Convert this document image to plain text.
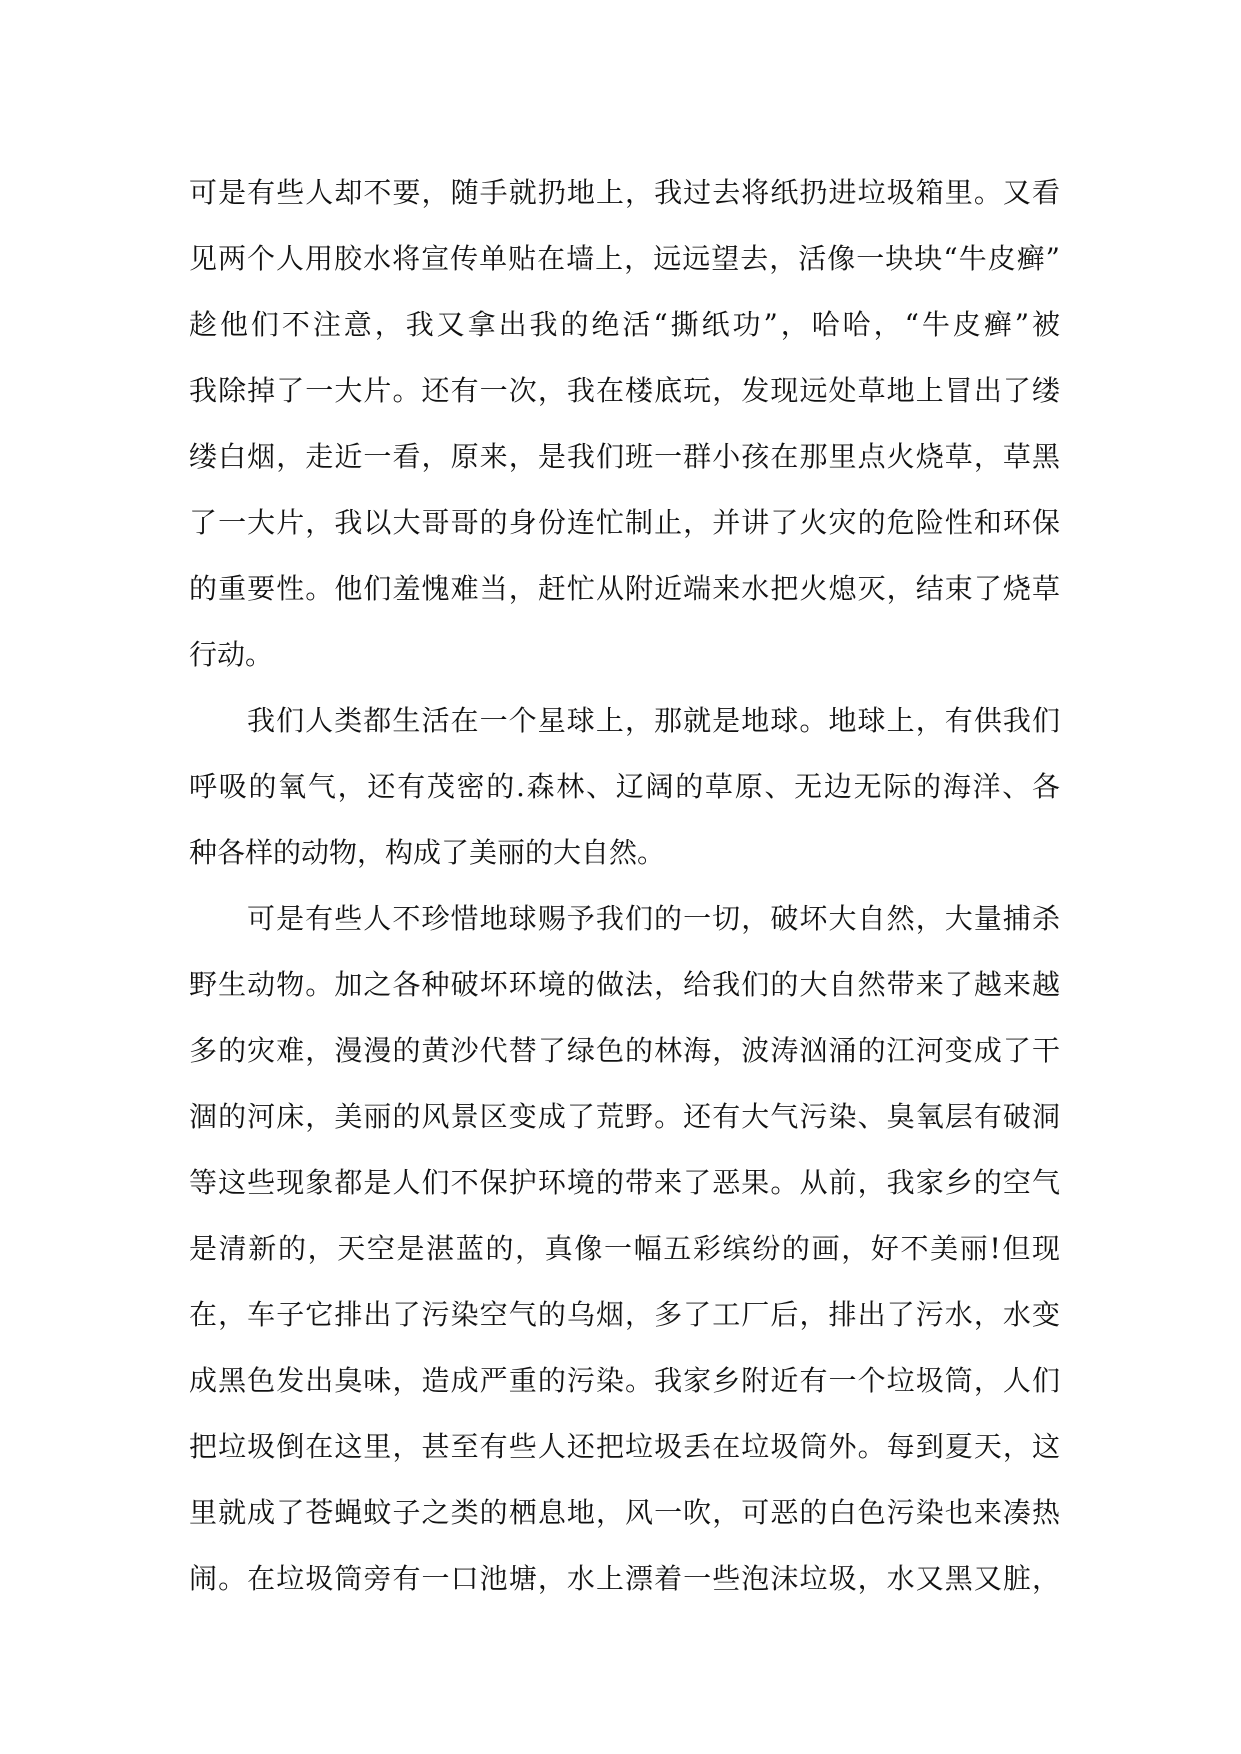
可是有些人却不要，随手就扔地上，我过去将纸扔进垃圾箱里。又看
见两个人用胶水将宣传单贴在墙上，远远望去，活像一块块“牛皮癣”
趁他们不注意，我又拿出我的绝活“撕纸功”，哈哈，“牛皮癣”被
我除掉了一大片。还有一次，我在楼底玩，发现远处草地上冒出了缕
缕白烟，走近一看，原来，是我们班一群小孩在那里点火烧草，草黑
了一大片，我以大哥哥的身份连忙制止，并讲了火灾的危险性和环保
的重要性。他们羞愧难当，赶忙从附近端来水把火熄灭，结束了烧草
行动。
我们人类都生活在一个星球上，那就是地球。地球上，有供我们
呼吸的氧气，还有茂密的.森林、辽阔的草原、无边无际的海洋、各
种各样的动物，构成了美丽的大自然。
可是有些人不珍惜地球赐予我们的一切，破坏大自然，大量捕杀
野生动物。加之各种破坏环境的做法，给我们的大自然带来了越来越
多的灾难，漫漫的黄沙代替了绿色的林海，波涛汹涌的江河变成了干
涸的河床，美丽的风景区变成了荒野。还有大气污染、臭氧层有破洞
等这些现象都是人们不保护环境的带来了恶果。从前，我家乡的空气
是清新的，天空是湛蓝的，真像一幅五彩缤纷的画，好不美丽!但现
在，车子它排出了污染空气的乌烟，多了工厂后，排出了污水，水变
成黑色发出臭味，造成严重的污染。我家乡附近有一个垃圾筒，人们
把垃圾倒在这里，甚至有些人还把垃圾丢在垃圾筒外。每到夏天，这
里就成了苍蝇蚊子之类的栖息地，风一吹，可恶的白色污染也来凑热
闹。在垃圾筒旁有一口池塘，水上漂着一些泡沫垃圾，水又黑又脏，
